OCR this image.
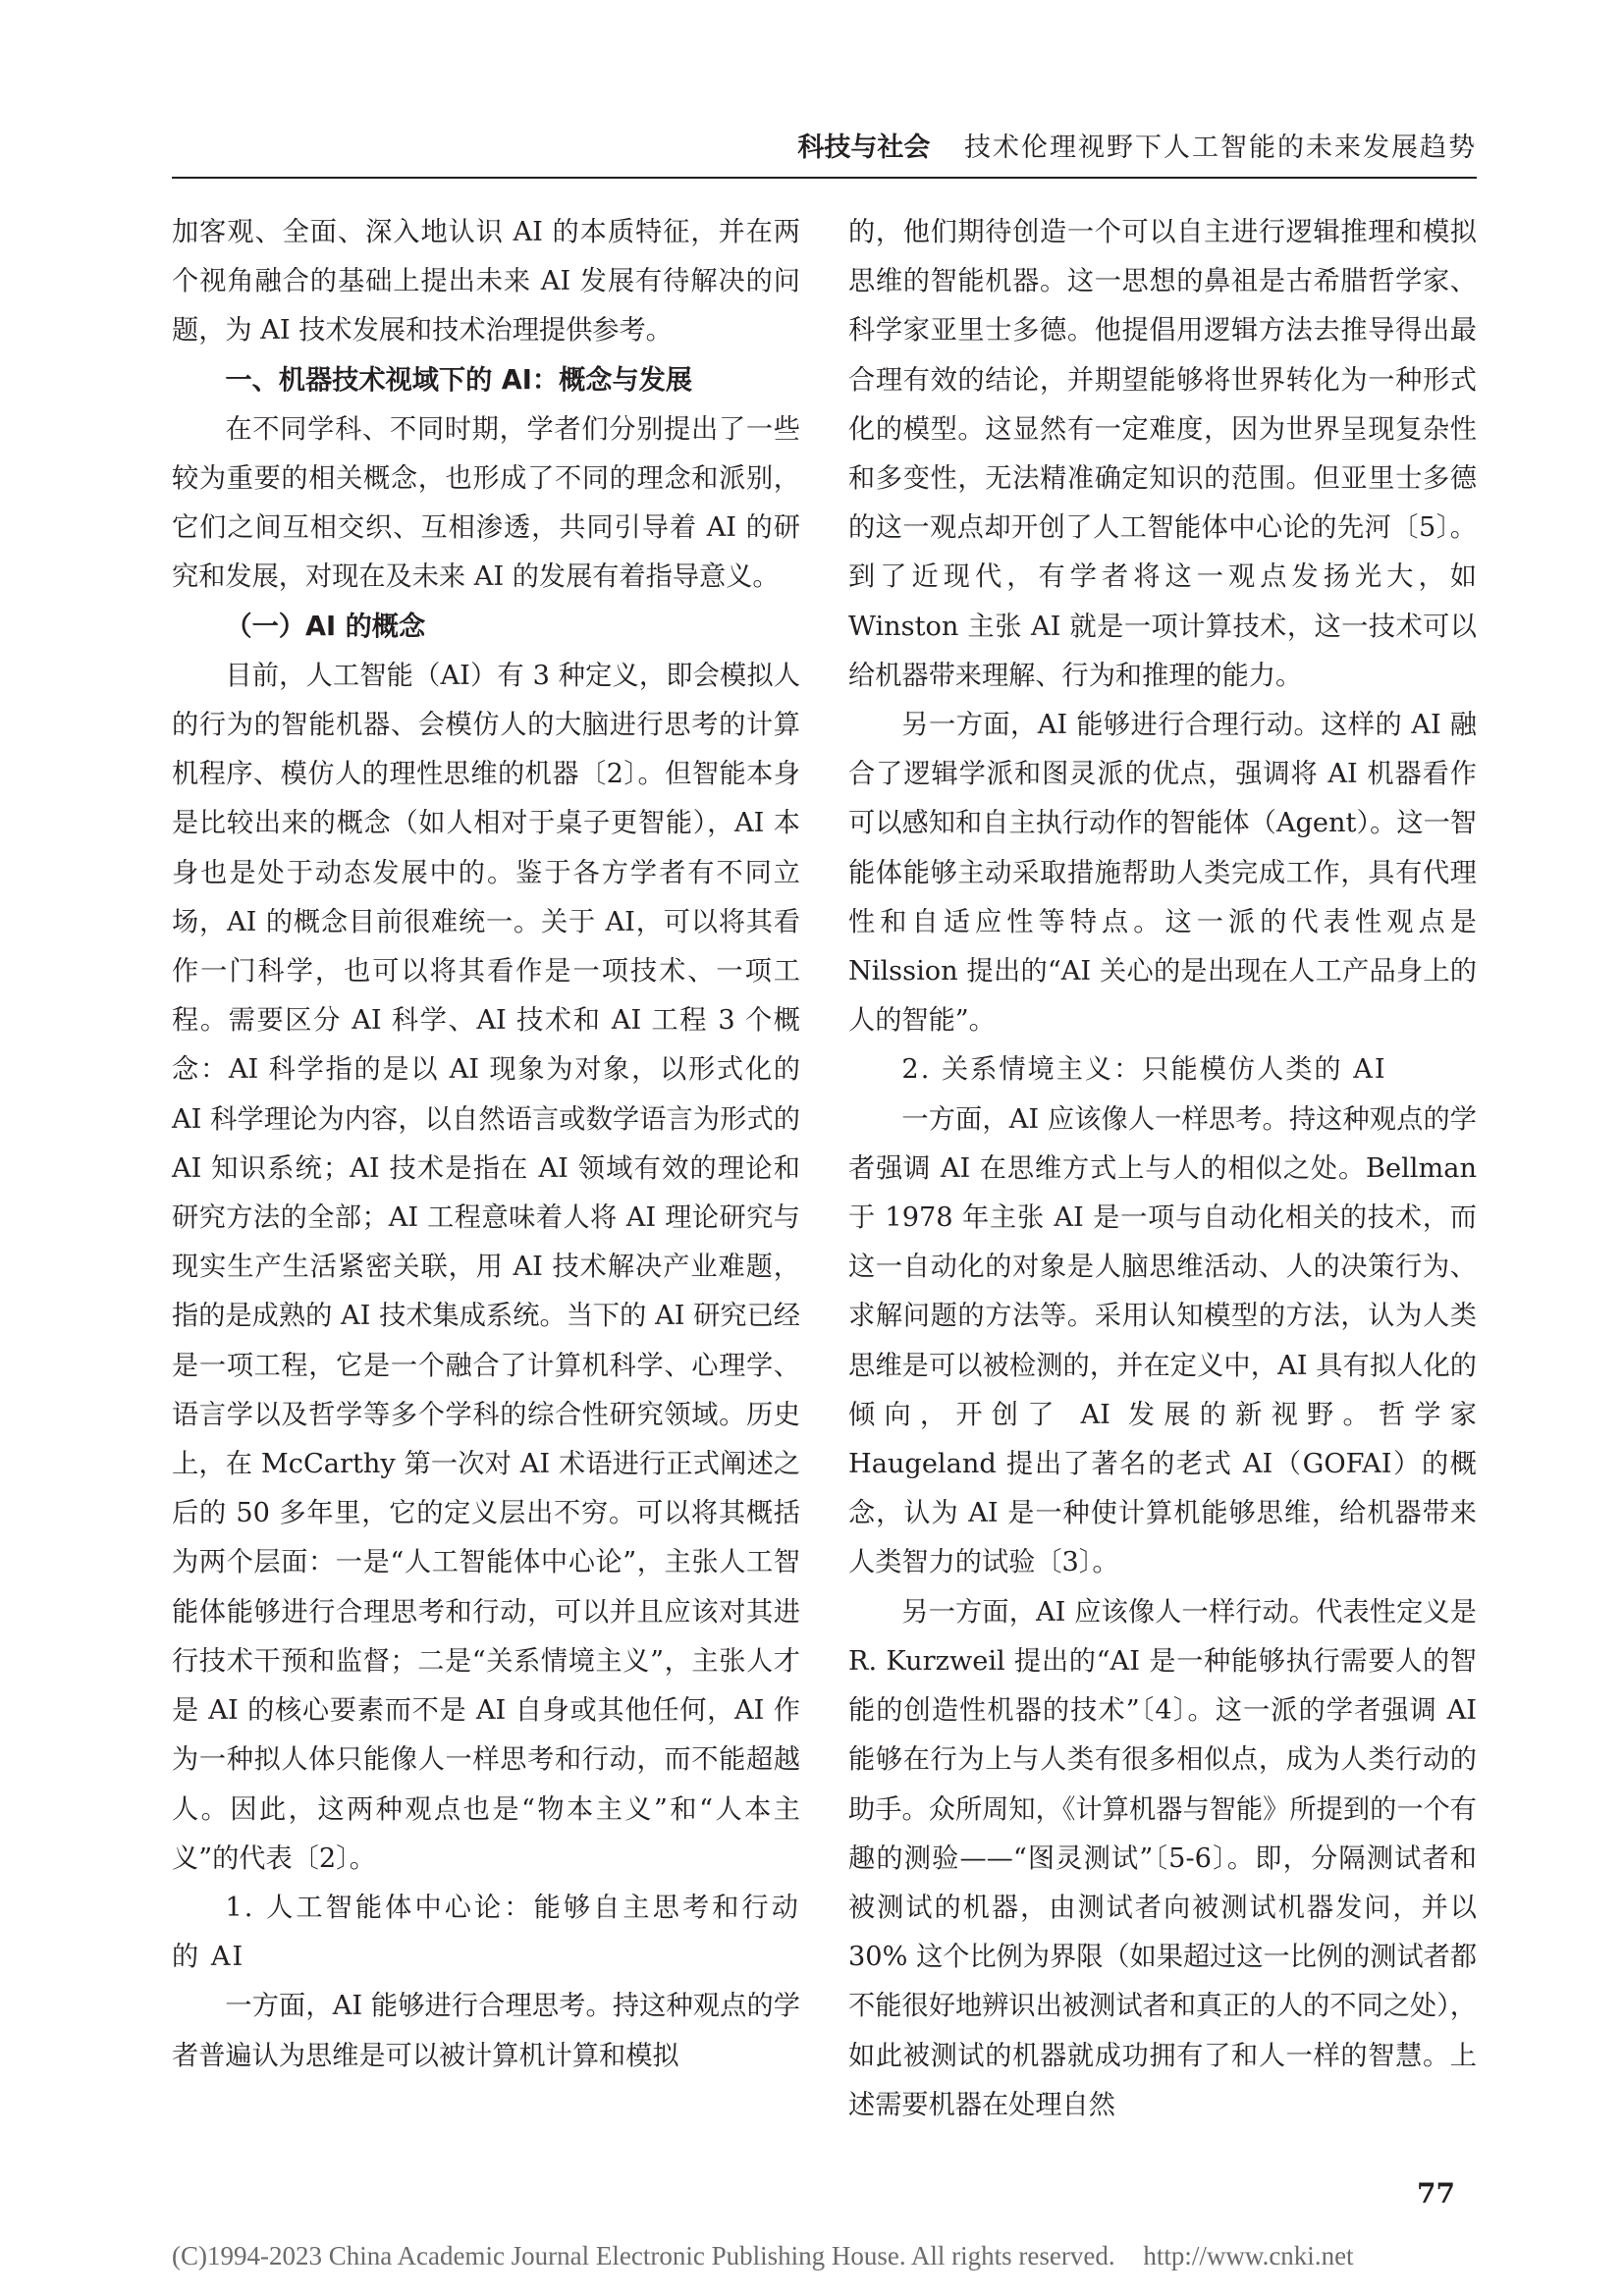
科技与社会 技术伦理视野下人工智能的未来发展趋势

加客观、全面、深入地认识 AI 的本质特征，并在两个视角融合的基础上提出未来 AI 发展有待解决的问题，为 AI 技术发展和技术治理提供参考。

一、机器技术视域下的 AI：概念与发展

在不同学科、不同时期，学者们分别提出了一些较为重要的相关概念，也形成了不同的理念和派别，它们之间互相交织、互相渗透，共同引导着 AI 的研究和发展，对现在及未来 AI 的发展有着指导意义。

（一）AI 的概念

目前，人工智能（AI）有 3 种定义，即会模拟人的行为的智能机器、会模仿人的大脑进行思考的计算机程序、模仿人的理性思维的机器〔2〕。但智能本身是比较出来的概念（如人相对于桌子更智能），AI 本身也是处于动态发展中的。鉴于各方学者有不同立场，AI 的概念目前很难统一。关于 AI，可以将其看作一门科学，也可以将其看作是一项技术、一项工程。需要区分 AI 科学、AI 技术和 AI 工程 3 个概念：AI 科学指的是以 AI 现象为对象，以形式化的 AI 科学理论为内容，以自然语言或数学语言为形式的 AI 知识系统；AI 技术是指在 AI 领域有效的理论和研究方法的全部；AI 工程意味着人将 AI 理论研究与现实生产生活紧密关联，用 AI 技术解决产业难题，指的是成熟的 AI 技术集成系统。当下的 AI 研究已经是一项工程，它是一个融合了计算机科学、心理学、语言学以及哲学等多个学科的综合性研究领域。历史上，在 McCarthy 第一次对 AI 术语进行正式阐述之后的 50 多年里，它的定义层出不穷。可以将其概括为两个层面：一是“人工智能体中心论”，主张人工智能体能够进行合理思考和行动，可以并且应该对其进行技术干预和监督；二是“关系情境主义”，主张人才是 AI 的核心要素而不是 AI 自身或其他任何，AI 作为一种拟人体只能像人一样思考和行动，而不能超越人。因此，这两种观点也是“物本主义”和“人本主义”的代表〔2〕。

1. 人工智能体中心论：能够自主思考和行动的 AI

一方面，AI 能够进行合理思考。持这种观点的学者普遍认为思维是可以被计算机计算和模拟

的，他们期待创造一个可以自主进行逻辑推理和模拟思维的智能机器。这一思想的鼻祖是古希腊哲学家、科学家亚里士多德。他提倡用逻辑方法去推导得出最合理有效的结论，并期望能够将世界转化为一种形式化的模型。这显然有一定难度，因为世界呈现复杂性和多变性，无法精准确定知识的范围。但亚里士多德的这一观点却开创了人工智能体中心论的先河〔5〕。到了近现代，有学者将这一观点发扬光大，如 Winston 主张 AI 就是一项计算技术，这一技术可以给机器带来理解、行为和推理的能力。

另一方面，AI 能够进行合理行动。这样的 AI 融合了逻辑学派和图灵派的优点，强调将 AI 机器看作可以感知和自主执行动作的智能体（Agent）。这一智能体能够主动采取措施帮助人类完成工作，具有代理性和自适应性等特点。这一派的代表性观点是 Nilssion 提出的“AI 关心的是出现在人工产品身上的人的智能”。

2. 关系情境主义：只能模仿人类的 AI

一方面，AI 应该像人一样思考。持这种观点的学者强调 AI 在思维方式上与人的相似之处。Bellman 于 1978 年主张 AI 是一项与自动化相关的技术，而这一自动化的对象是人脑思维活动、人的决策行为、求解问题的方法等。采用认知模型的方法，认为人类思维是可以被检测的，并在定义中，AI 具有拟人化的倾向，开创了 AI 发展的新视野。哲学家 Haugeland 提出了著名的老式 AI（GOFAI）的概念，认为 AI 是一种使计算机能够思维，给机器带来人类智力的试验〔3〕。

另一方面，AI 应该像人一样行动。代表性定义是 R. Kurzweil 提出的“AI 是一种能够执行需要人的智能的创造性机器的技术”〔4〕。这一派的学者强调 AI 能够在行为上与人类有很多相似点，成为人类行动的助手。众所周知，《计算机器与智能》所提到的一个有趣的测验——“图灵测试”〔5-6〕。即，分隔测试者和被测试的机器，由测试者向被测试机器发问，并以 30% 这个比例为界限（如果超过这一比例的测试者都不能很好地辨识出被测试者和真正的人的不同之处），如此被测试的机器就成功拥有了和人一样的智慧。上述需要机器在处理自然

77
(C)1994-2023 China Academic Journal Electronic Publishing House. All rights reserved. http://www.cnki.net
